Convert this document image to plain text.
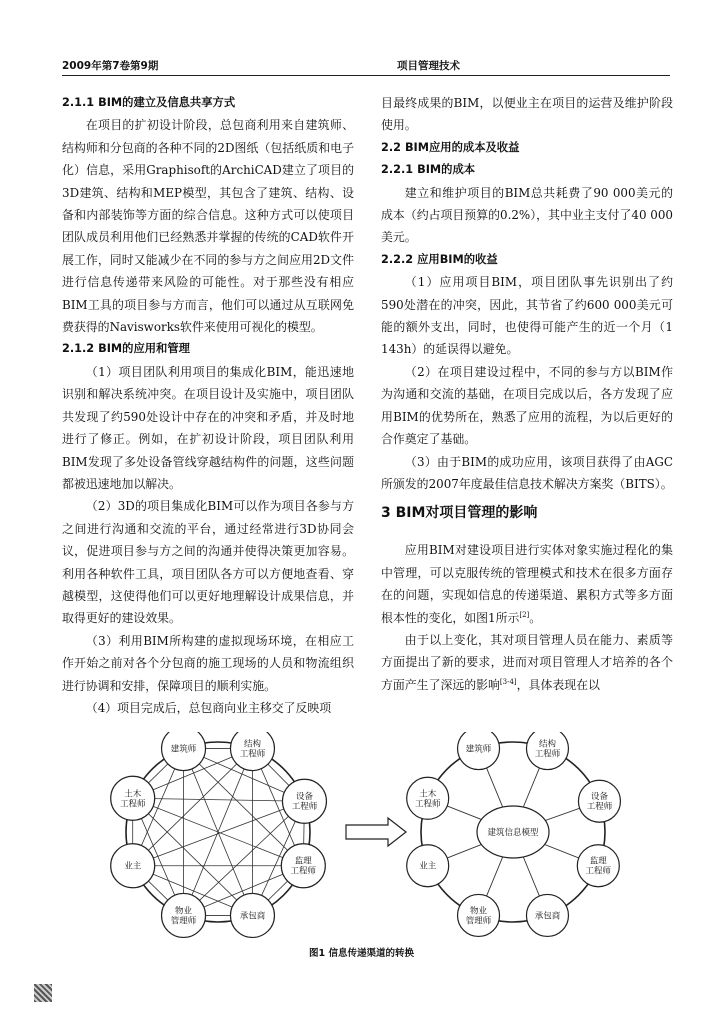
2009年第7卷第9期	项目管理技术
2.1.1 BIM的建立及信息共享方式

在项目的扩初设计阶段，总包商利用来自建筑师、结构师和分包商的各种不同的2D图纸（包括纸质和电子化）信息，采用Graphisoft的ArchiCAD建立了项目的3D建筑、结构和MEP模型，其包含了建筑、结构、设备和内部装饰等方面的综合信息。这种方式可以使项目团队成员利用他们已经熟悉并掌握的传统的CAD软件开展工作，同时又能减少在不同的参与方之间应用2D文件进行信息传递带来风险的可能性。对于那些没有相应BIM工具的项目参与方而言，他们可以通过从互联网免费获得的Navisworks软件来使用可视化的模型。

2.1.2 BIM的应用和管理

（1）项目团队利用项目的集成化BIM，能迅速地识别和解决系统冲突。在项目设计及实施中，项目团队共发现了约590处设计中存在的冲突和矛盾，并及时地进行了修正。例如，在扩初设计阶段，项目团队利用BIM发现了多处设备管线穿越结构件的问题，这些问题都被迅速地加以解决。

（2）3D的项目集成化BIM可以作为项目各参与方之间进行沟通和交流的平台，通过经常进行3D协同会议，促进项目参与方之间的沟通并使得决策更加容易。利用各种软件工具，项目团队各方可以方便地查看、穿越模型，这使得他们可以更好地理解设计成果信息，并取得更好的建设效果。

（3）利用BIM所构建的虚拟现场环境，在相应工作开始之前对各个分包商的施工现场的人员和物流组织进行协调和安排，保障项目的顺利实施。

（4）项目完成后，总包商向业主移交了反映项

目最终成果的BIM，以便业主在项目的运营及维护阶段使用。

2.2 BIM应用的成本及收益
2.2.1 BIM的成本

建立和维护项目的BIM总共耗费了90 000美元的成本（约占项目预算的0.2%），其中业主支付了40 000美元。

2.2.2 应用BIM的收益

（1）应用项目BIM，项目团队事先识别出了约590处潜在的冲突，因此，其节省了约600 000美元可能的额外支出，同时，也使得可能产生的近一个月（1 143h）的延误得以避免。

（2）在项目建设过程中，不同的参与方以BIM作为沟通和交流的基础，在项目完成以后，各方发现了应用BIM的优势所在，熟悉了应用的流程，为以后更好的合作奠定了基础。

（3）由于BIM的成功应用，该项目获得了由AGC所颁发的2007年度最佳信息技术解决方案奖（BITS）。

3 BIM对项目管理的影响

应用BIM对建设项目进行实体对象实施过程化的集中管理，可以克服传统的管理模式和技术在很多方面存在的问题，实现如信息的传递渠道、累积方式等多方面根本性的变化，如图1所示[2]。

由于以上变化，其对项目管理人员在能力、素质等方面提出了新的要求，进而对项目管理人才培养的各个方面产生了深远的影响[3-4]，具体表现在以

建筑师	结构工程师
设备工程师
监理工程师
承包商
物业管理师
业主
土木工程师
建筑信息模型
建筑师	结构工程师
设备工程师
监理工程师
承包商
物业管理师
业主
土木工程师
图1 信息传递渠道的转换
